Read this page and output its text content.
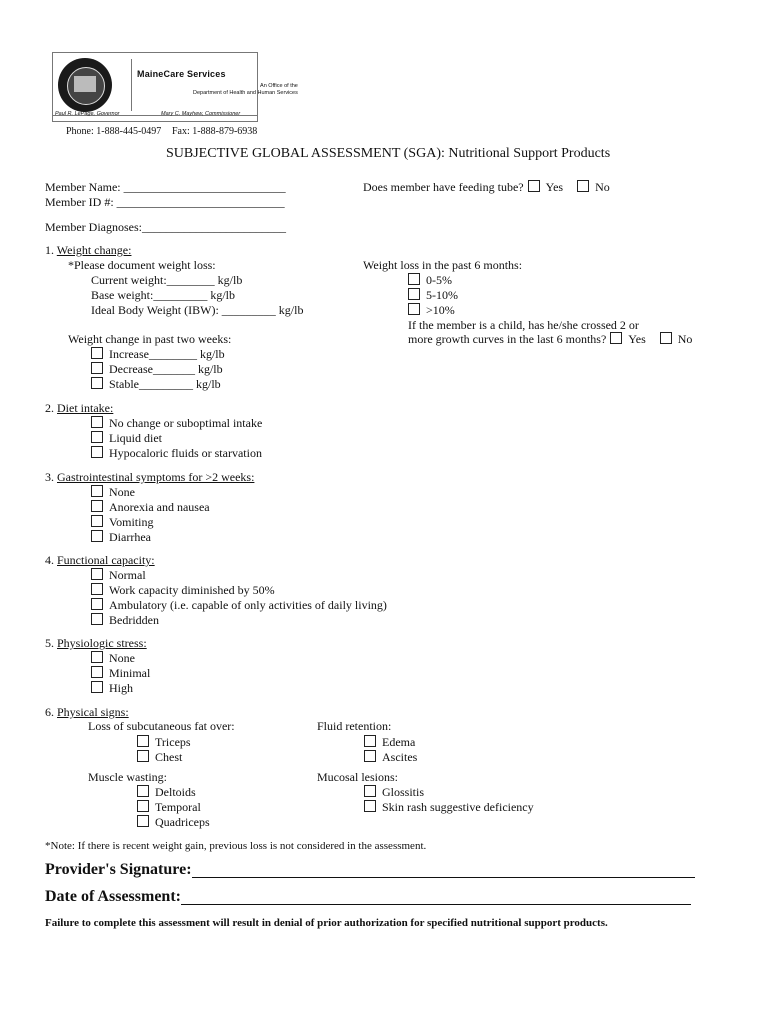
MaineCare Services
An Office of the
Department of Health and Human Services
Paul R. LePage, Governor	Mary C. Mayhew, Commissioner
Phone: 1-888-445-0497 Fax: 1-888-879-6938
SUBJECTIVE GLOBAL ASSESSMENT (SGA): Nutritional Support Products
Member Name: ___________________________
Member ID #: ____________________________
Does member have feeding tube? Yes	No
Member Diagnoses:________________________
1. Weight change:
*Please document weight loss:
Current weight:________ kg/lb
Base weight:_________ kg/lb
Ideal Body Weight (IBW): _________ kg/lb
Weight change in past two weeks:
Increase________ kg/lb
Decrease_______ kg/lb
Stable_________ kg/lb
Weight loss in the past 6 months:
0-5%
5-10%
>10%
If the member is a child, has he/she crossed 2 or
more growth curves in the last 6 months? Yes	No
2. Diet intake:
No change or suboptimal intake
Liquid diet
Hypocaloric fluids or starvation
3. Gastrointestinal symptoms for >2 weeks:
None
Anorexia and nausea
Vomiting
Diarrhea
4. Functional capacity:
Normal
Work capacity diminished by 50%
Ambulatory (i.e. capable of only activities of daily living)
Bedridden
5. Physiologic stress:
None
Minimal
High
6. Physical signs:
Loss of subcutaneous fat over:
Triceps
Chest
Fluid retention:
Edema
Ascites
Muscle wasting:
Deltoids
Temporal
Quadriceps
Mucosal lesions:
Glossitis
Skin rash suggestive deficiency
*Note: If there is recent weight gain, previous loss is not considered in the assessment.
Provider's Signature:
Date of Assessment:
Failure to complete this assessment will result in denial of prior authorization for specified nutritional support products.
